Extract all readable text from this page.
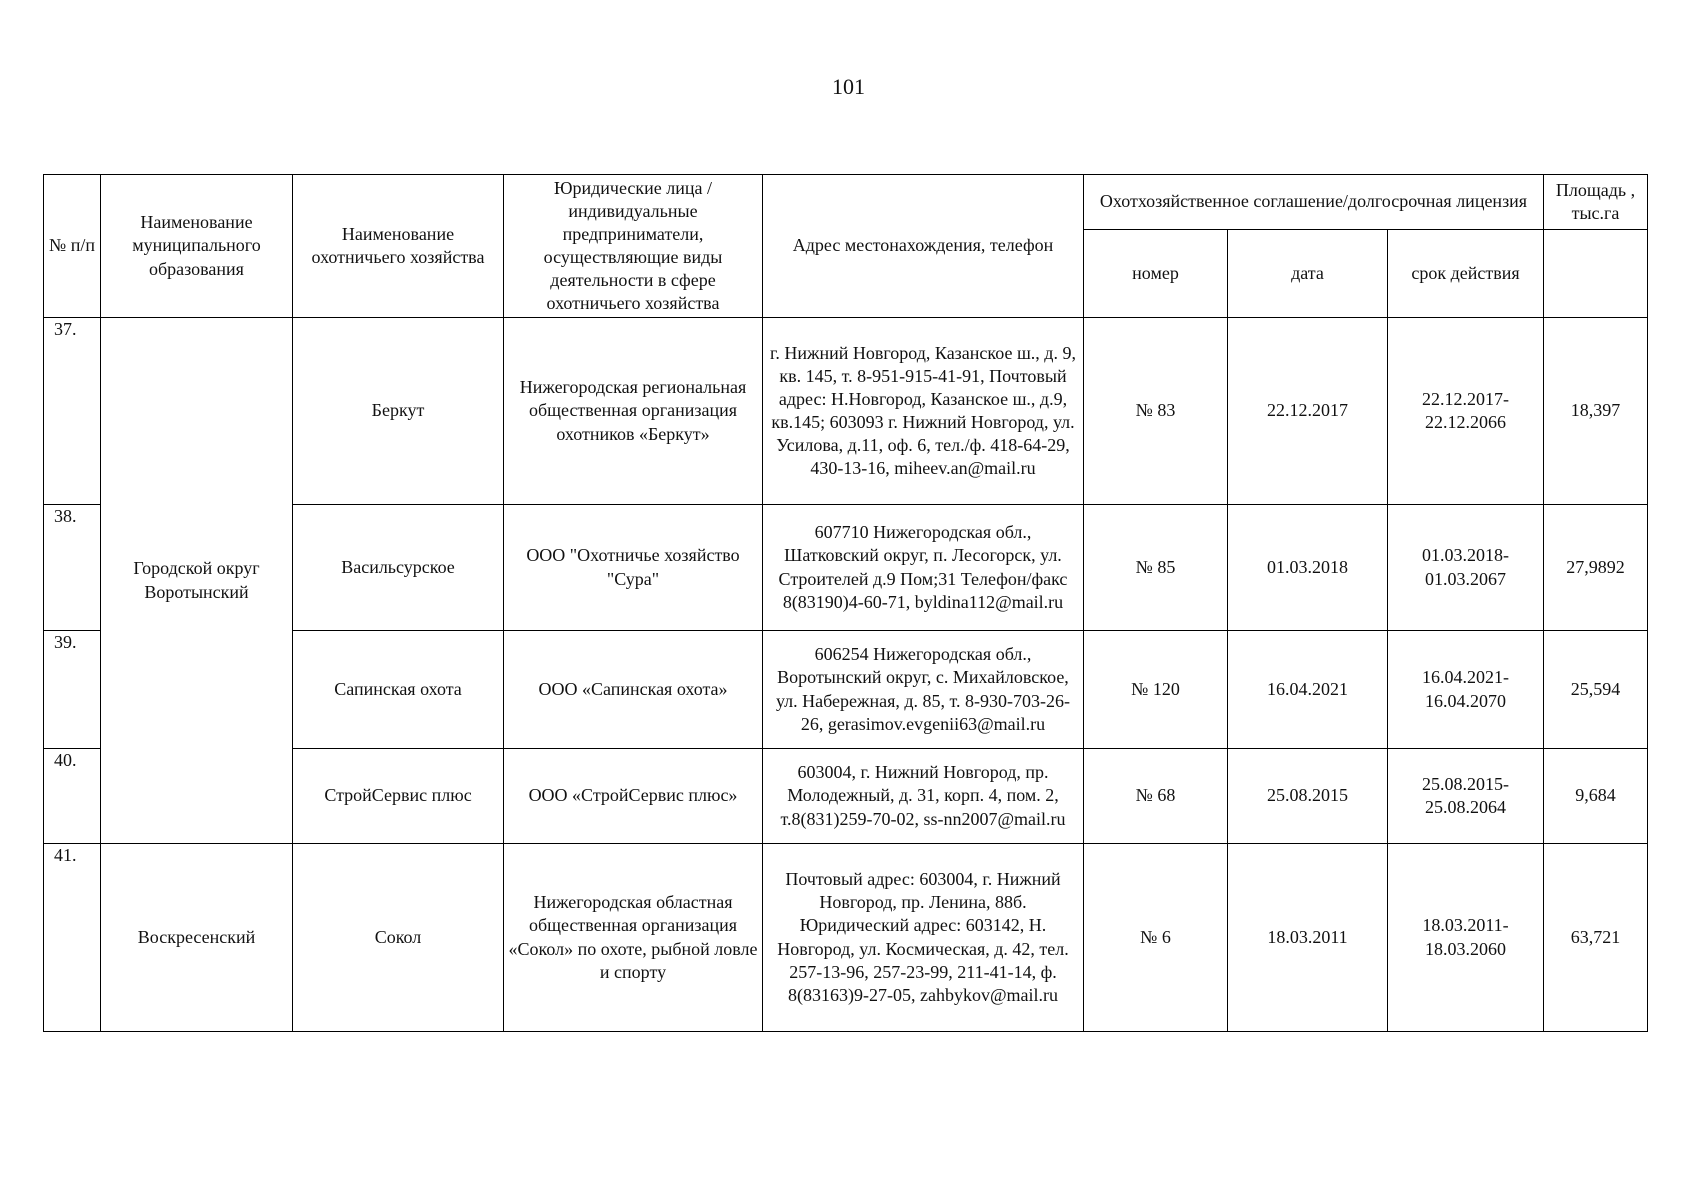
101
№ п/п	Наименование муниципального образования	Наименование охотничьего хозяйства	Юридические лица / индивидуальные предприниматели, осуществляющие виды деятельности в сфере охотничьего хозяйства	Адрес местонахождения, телефон	Охотхозяйственное соглашение/долгосрочная лицензия			Площадь , тыс.га
					номер	дата	срок действия	
37.	Городской округ Воротынский	Беркут	Нижегородская региональная общественная организация охотников «Беркут»	г. Нижний Новгород, Казанское ш., д. 9, кв. 145, т. 8-951-915-41-91, Почтовый адрес: Н.Новгород, Казанское ш., д.9, кв.145; 603093 г. Нижний Новгород, ул. Усилова, д.11, оф. 6, тел./ф. 418-64-29, 430-13-16, miheev.an@mail.ru	№ 83	22.12.2017	22.12.2017-22.12.2066	18,397
38.		Васильсурское	ООО "Охотничье хозяйство "Сура"	607710 Нижегородская обл., Шатковский округ, п. Лесогорск, ул. Строителей д.9 Пом;31 Телефон/факс 8(83190)4-60-71, byldina112@mail.ru	№ 85	01.03.2018	01.03.2018-01.03.2067	27,9892
39.		Сапинская охота	ООО «Сапинская охота»	606254 Нижегородская обл., Воротынский округ, с. Михайловское, ул. Набережная, д. 85, т. 8-930-703-26-26, gerasimov.evgenii63@mail.ru	№ 120	16.04.2021	16.04.2021-16.04.2070	25,594
40.		СтройСервис плюс	ООО «СтройСервис плюс»	603004, г. Нижний Новгород, пр. Молодежный, д. 31, корп. 4, пом. 2, т.8(831)259-70-02, ss-nn2007@mail.ru	№ 68	25.08.2015	25.08.2015-25.08.2064	9,684
41.	Воскресенский	Сокол	Нижегородская областная общественная организация «Сокол» по охоте, рыбной ловле и спорту	Почтовый адрес: 603004, г. Нижний Новгород, пр. Ленина, 88б. Юридический адрес: 603142, Н. Новгород, ул. Космическая, д. 42, тел. 257-13-96, 257-23-99, 211-41-14, ф. 8(83163)9-27-05, zahbykov@mail.ru	№ 6	18.03.2011	18.03.2011-18.03.2060	63,721
